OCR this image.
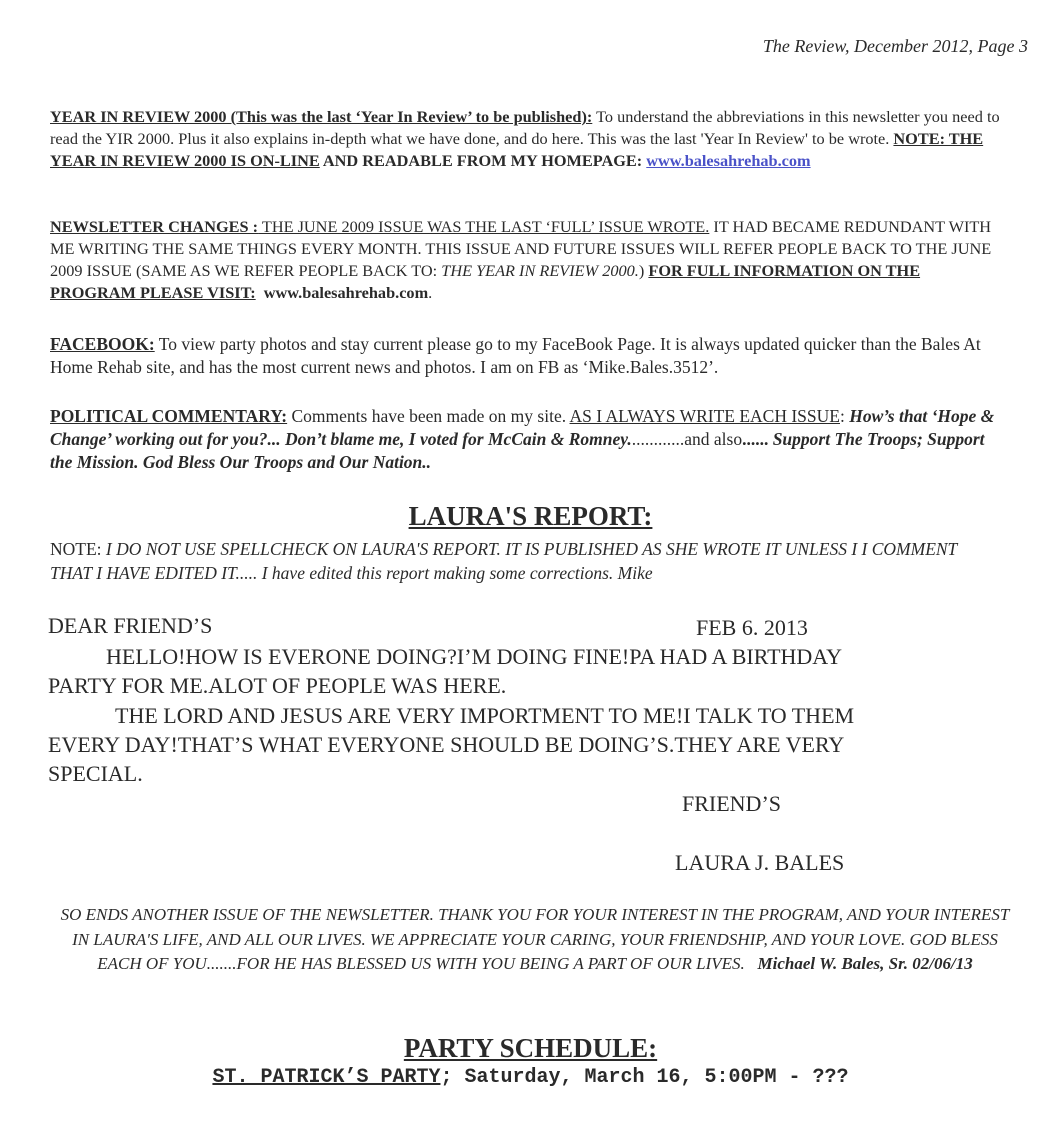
The Review, December 2012, Page 3
YEAR IN REVIEW 2000 (This was the last ‘Year In Review’ to be published): To understand the abbreviations in this newsletter you need to read the YIR 2000. Plus it also explains in-depth what we have done, and do here. This was the last 'Year In Review' to be wrote. NOTE: THE YEAR IN REVIEW 2000 IS ON-LINE AND READABLE FROM MY HOMEPAGE: www.balesahrehab.com
NEWSLETTER CHANGES : THE JUNE 2009 ISSUE WAS THE LAST ‘FULL’ ISSUE WROTE. IT HAD BECAME REDUNDANT WITH ME WRITING THE SAME THINGS EVERY MONTH. THIS ISSUE AND FUTURE ISSUES WILL REFER PEOPLE BACK TO THE JUNE 2009 ISSUE (SAME AS WE REFER PEOPLE BACK TO: THE YEAR IN REVIEW 2000.) FOR FULL INFORMATION ON THE PROGRAM PLEASE VISIT: www.balesahrehab.com.
FACEBOOK: To view party photos and stay current please go to my FaceBook Page. It is always updated quicker than the Bales At Home Rehab site, and has the most current news and photos. I am on FB as ‘Mike.Bales.3512’.
POLITICAL COMMENTARY: Comments have been made on my site. AS I ALWAYS WRITE EACH ISSUE: How’s that ‘Hope & Change’ working out for you?... Don’t blame me, I voted for McCain & Romney.............and also...... Support The Troops; Support the Mission. God Bless Our Troops and Our Nation..
LAURA'S REPORT:
NOTE: I DO NOT USE SPELLCHECK ON LAURA'S REPORT. IT IS PUBLISHED AS SHE WROTE IT UNLESS I I COMMENT THAT I HAVE EDITED IT..... I have edited this report making some corrections. Mike
DEAR FRIEND’S	FEB 6. 2013
HELLO!HOW IS EVERONE DOING?I’M DOING FINE!PA HAD A BIRTHDAY
PARTY FOR ME.ALOT OF PEOPLE WAS HERE.
THE LORD AND JESUS ARE VERY IMPORTMENT TO ME!I TALK TO THEM
EVERY DAY!THAT’S WHAT EVERYONE SHOULD BE DOING’S.THEY ARE VERY
SPECIAL.
FRIEND’S
LAURA J. BALES
SO ENDS ANOTHER ISSUE OF THE NEWSLETTER. THANK YOU FOR YOUR INTEREST IN THE PROGRAM, AND YOUR INTEREST IN LAURA'S LIFE, AND ALL OUR LIVES. WE APPRECIATE YOUR CARING, YOUR FRIENDSHIP, AND YOUR LOVE. GOD BLESS EACH OF YOU.......FOR HE HAS BLESSED US WITH YOU BEING A PART OF OUR LIVES.   Michael W. Bales, Sr. 02/06/13
PARTY SCHEDULE:
ST. PATRICK’S PARTY; Saturday, March 16, 5:00PM - ???
